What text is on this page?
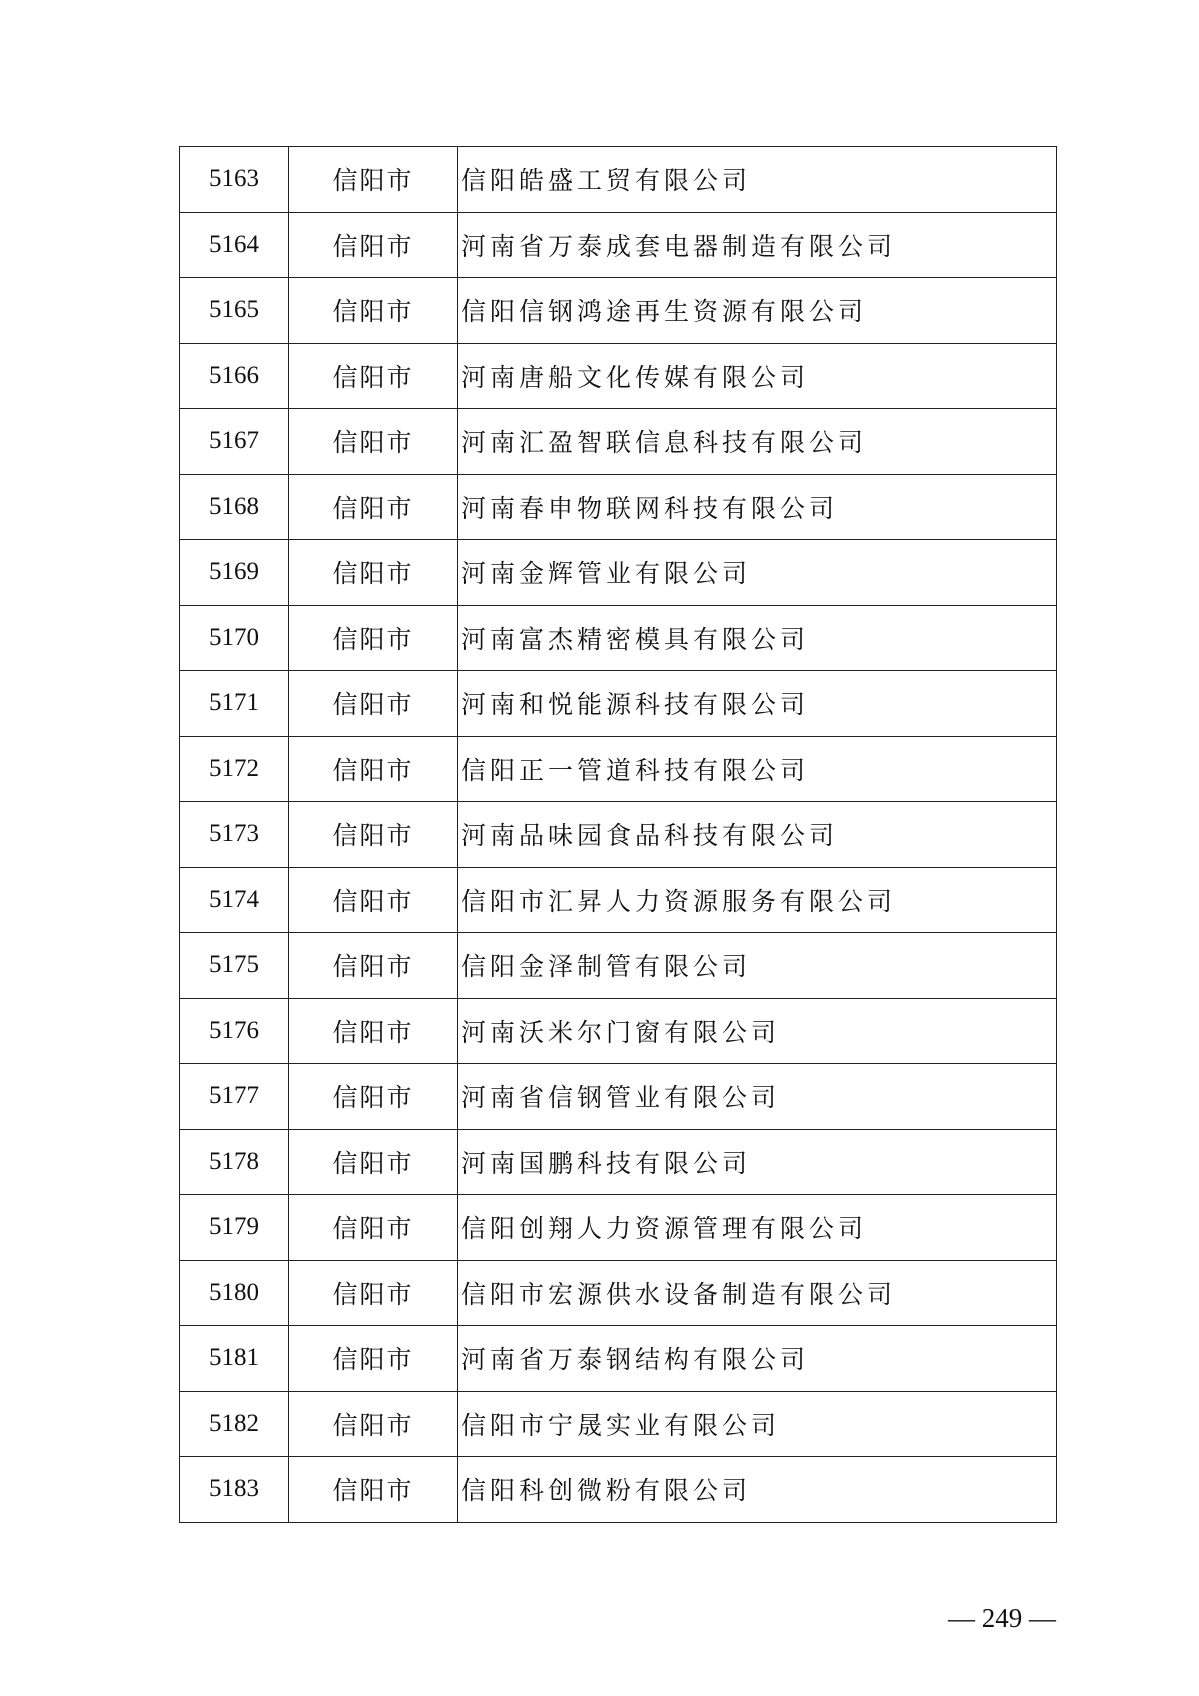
5163	信阳市	信阳皓盛工贸有限公司
5164	信阳市	河南省万泰成套电器制造有限公司
5165	信阳市	信阳信钢鸿途再生资源有限公司
5166	信阳市	河南唐船文化传媒有限公司
5167	信阳市	河南汇盈智联信息科技有限公司
5168	信阳市	河南春申物联网科技有限公司
5169	信阳市	河南金辉管业有限公司
5170	信阳市	河南富杰精密模具有限公司
5171	信阳市	河南和悦能源科技有限公司
5172	信阳市	信阳正一管道科技有限公司
5173	信阳市	河南品味园食品科技有限公司
5174	信阳市	信阳市汇昇人力资源服务有限公司
5175	信阳市	信阳金泽制管有限公司
5176	信阳市	河南沃米尔门窗有限公司
5177	信阳市	河南省信钢管业有限公司
5178	信阳市	河南国鹏科技有限公司
5179	信阳市	信阳创翔人力资源管理有限公司
5180	信阳市	信阳市宏源供水设备制造有限公司
5181	信阳市	河南省万泰钢结构有限公司
5182	信阳市	信阳市宁晟实业有限公司
5183	信阳市	信阳科创微粉有限公司
— 249 —
